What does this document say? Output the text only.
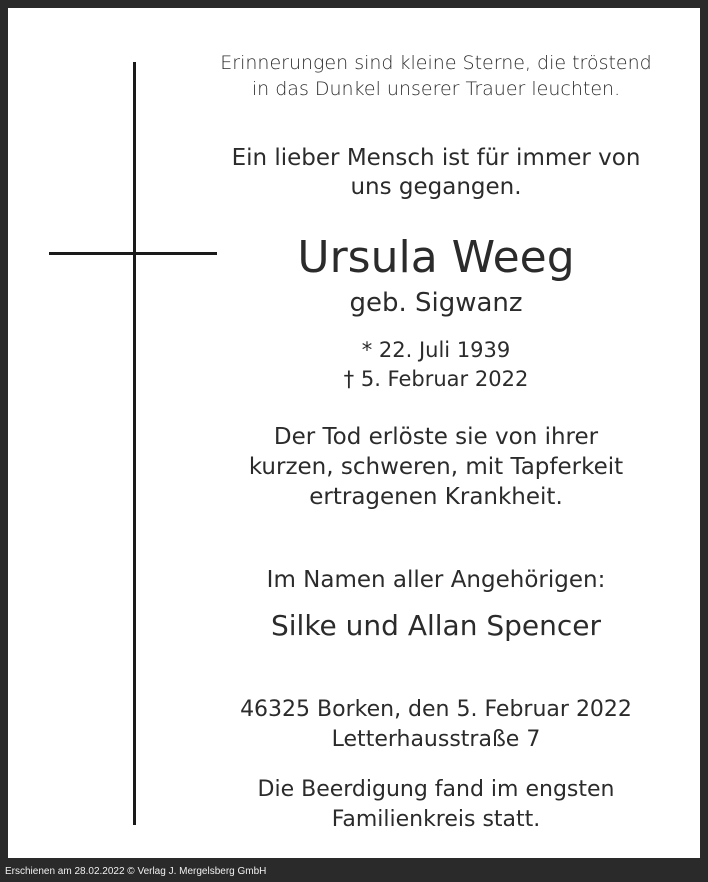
Erinnerungen sind kleine Sterne, die tröstend
in das Dunkel unserer Trauer leuchten.

Ein lieber Mensch ist für immer von
uns gegangen.

Ursula Weeg

geb. Sigwanz

* 22. Juli 1939
† 5. Februar 2022

Der Tod erlöste sie von ihrer
kurzen, schweren, mit Tapferkeit
ertragenen Krankheit.

Im Namen aller Angehörigen:

Silke und Allan Spencer

46325 Borken, den 5. Februar 2022
Letterhausstraße 7

Die Beerdigung fand im engsten
Familienkreis statt.

Erschienen am 28.02.2022 © Verlag J. Mergelsberg GmbH
